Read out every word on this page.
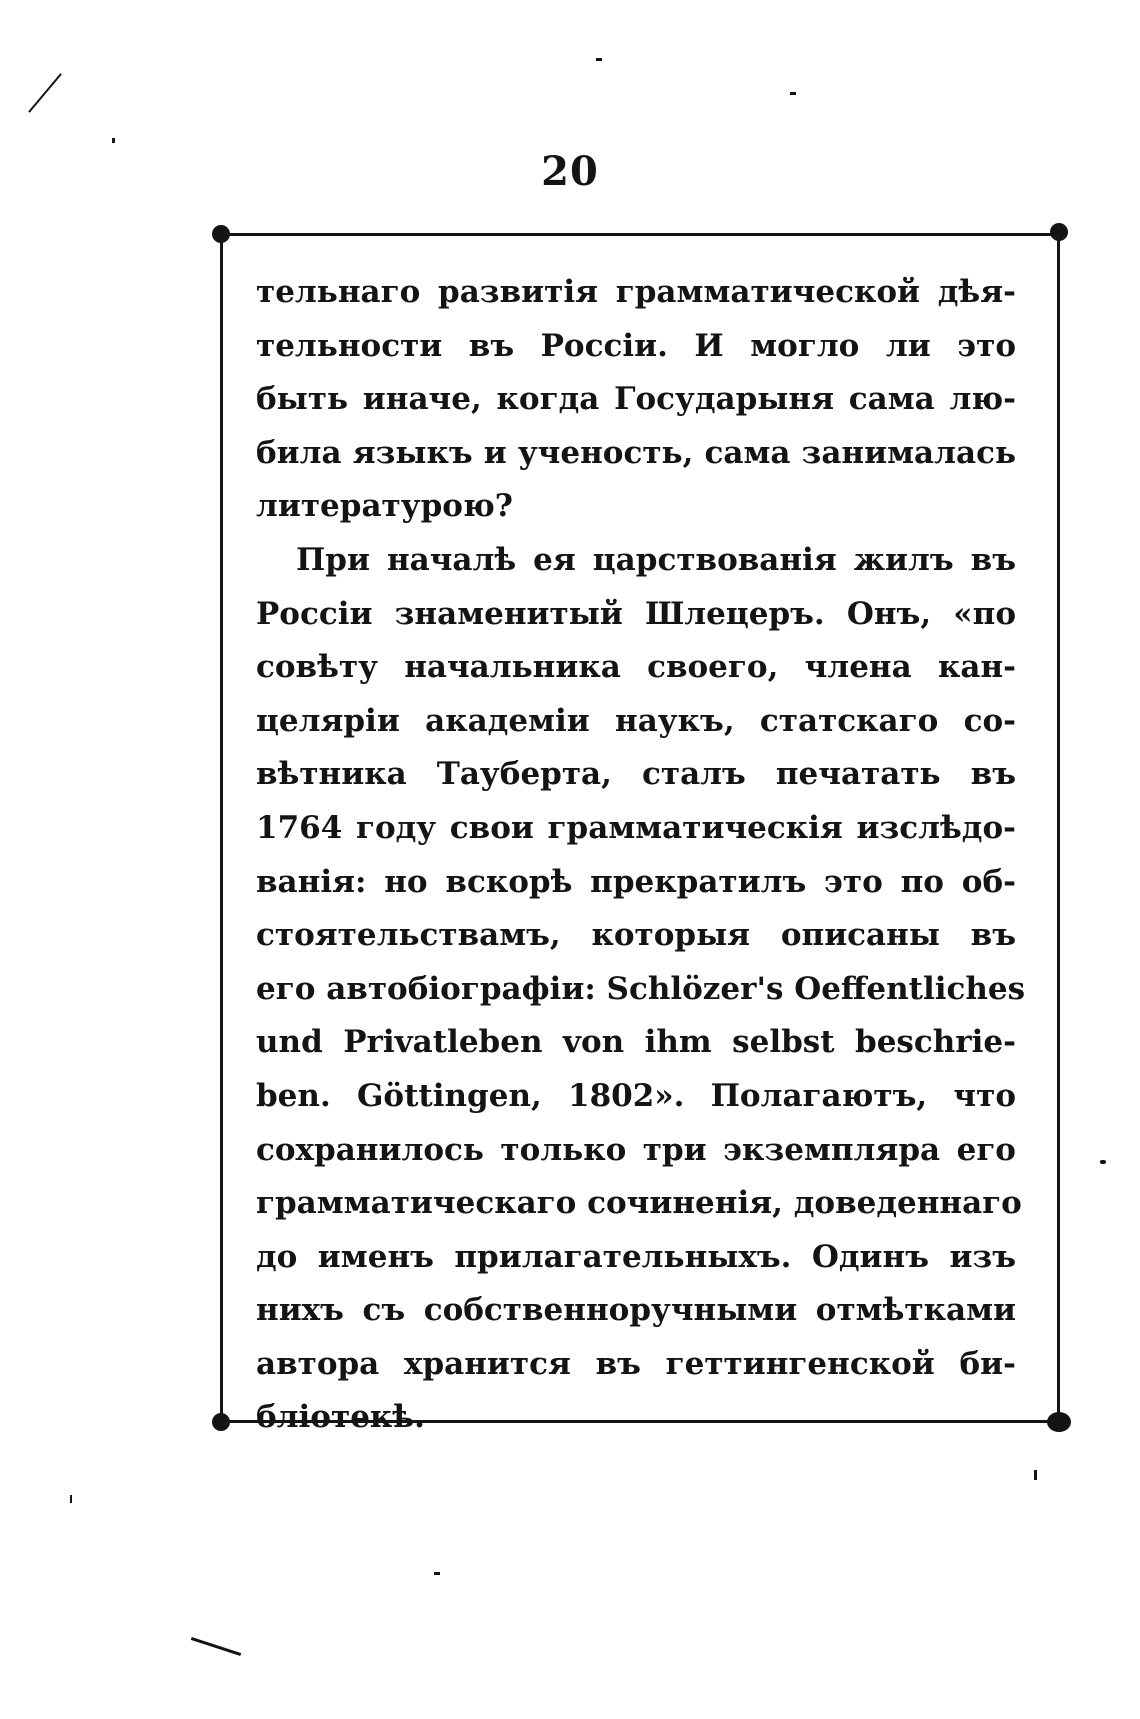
20
тельнаго развитія грамматической дѣя-
тельности въ Россіи. И могло ли это
быть иначе, когда Государыня сама лю-
била языкъ и ученость, сама занималась
литературою?
При началѣ ея царствованія жилъ въ
Россіи знаменитый Шлецеръ. Онъ, «по
совѣту начальника своего, члена кан-
целяріи академіи наукъ, статскаго со-
вѣтника Тауберта, сталъ печатать въ
1764 году свои грамматическія изслѣдо-
ванія: но вскорѣ прекратилъ это по об-
стоятельствамъ, которыя описаны въ
его автобіографіи: Schlözer's Oeffentliches
und Privatleben von ihm selbst beschrie-
ben. Göttingen, 1802». Полагаютъ, что
сохранилось только три экземпляра его
грамматическаго сочиненія, доведеннаго
до именъ прилагательныхъ. Одинъ изъ
нихъ съ собственноручными отмѣтками
автора хранится въ геттингенской би-
бліотекѣ.
